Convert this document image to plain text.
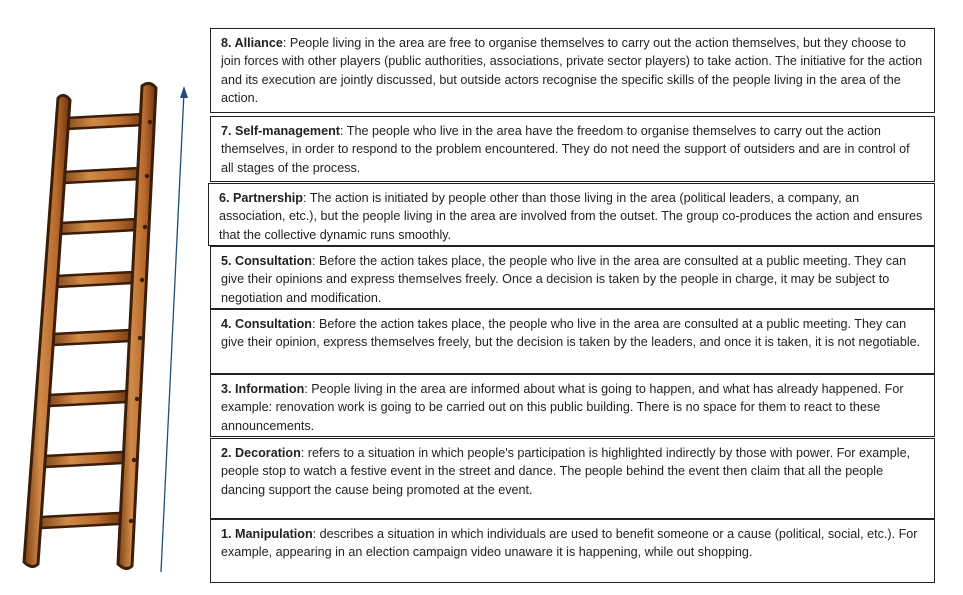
8. Alliance: People living in the area are free to organise themselves to carry out the action themselves, but they choose to join forces with other players (public authorities, associations, private sector players) to take action. The initiative for the action and its execution are jointly discussed, but outside actors recognise the specific skills of the people living in the area of the action.
7. Self-management: The people who live in the area have the freedom to organise themselves to carry out the action themselves, in order to respond to the problem encountered. They do not need the support of outsiders and are in control of all stages of the process.
6. Partnership: The action is initiated by people other than those living in the area (political leaders, a company, an association, etc.), but the people living in the area are involved from the outset. The group co-produces the action and ensures that the collective dynamic runs smoothly.
5. Consultation: Before the action takes place, the people who live in the area are consulted at a public meeting. They can give their opinions and express themselves freely. Once a decision is taken by the people in charge, it may be subject to negotiation and modification.
4. Consultation: Before the action takes place, the people who live in the area are consulted at a public meeting. They can give their opinion, express themselves freely, but the decision is taken by the leaders, and once it is taken, it is not negotiable.
3. Information: People living in the area are informed about what is going to happen, and what has already happened. For example: renovation work is going to be carried out on this public building. There is no space for them to react to these announcements.
2. Decoration: refers to a situation in which people's participation is highlighted indirectly by those with power. For example, people stop to watch a festive event in the street and dance. The people behind the event then claim that all the people dancing support the cause being promoted at the event.
1. Manipulation: describes a situation in which individuals are used to benefit someone or a cause (political, social, etc.). For example, appearing in an election campaign video unaware it is happening, while out shopping.
